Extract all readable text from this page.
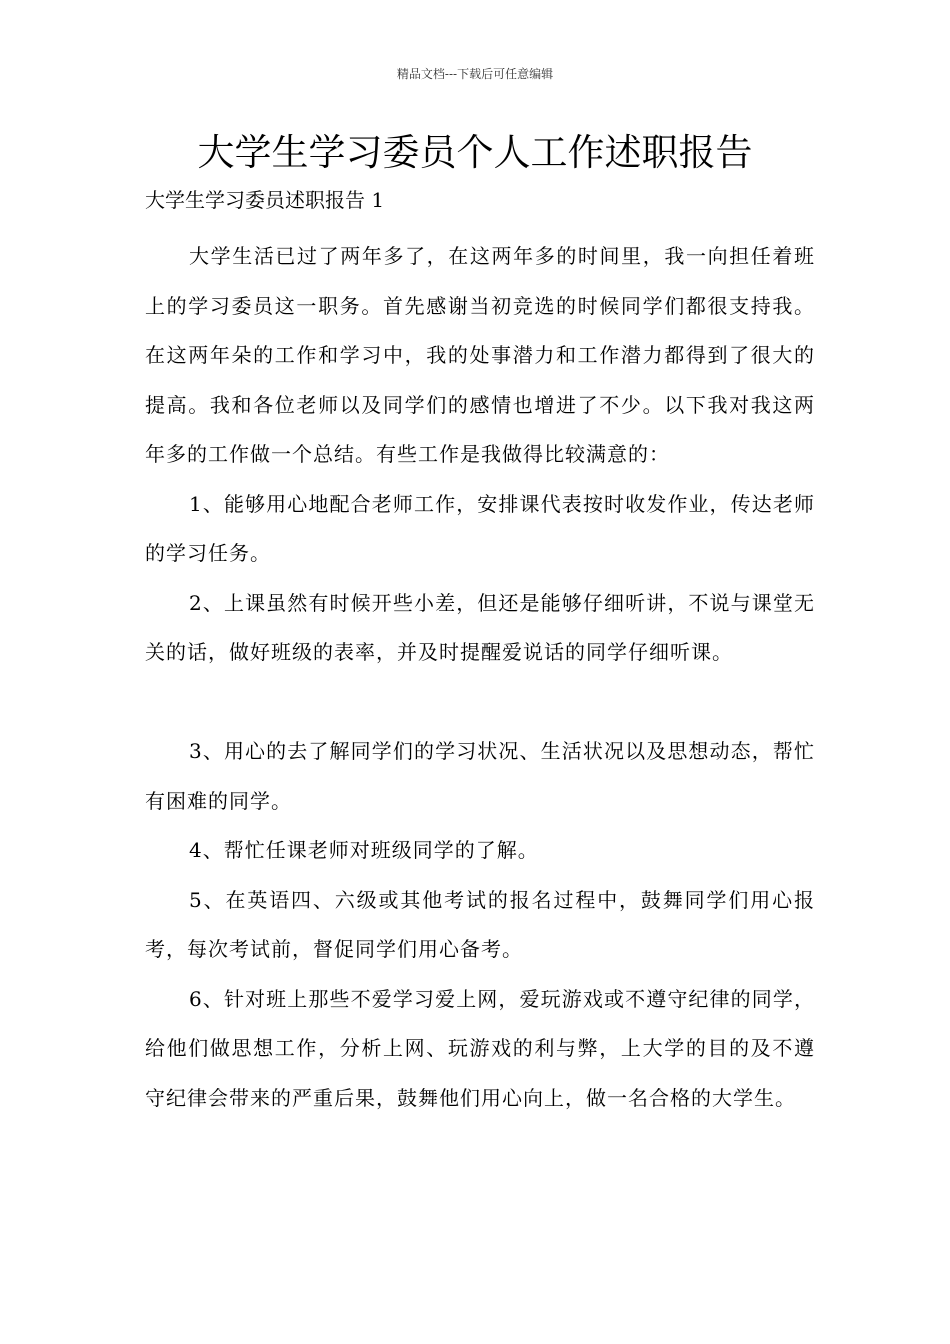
精品文档---下载后可任意编辑
大学生学习委员个人工作述职报告
大学生学习委员述职报告 1

大学生活已过了两年多了，在这两年多的时间里，我一向担任着班上的学习委员这一职务。首先感谢当初竞选的时候同学们都很支持我。在这两年朵的工作和学习中，我的处事潜力和工作潜力都得到了很大的提高。我和各位老师以及同学们的感情也增进了不少。以下我对我这两年多的工作做一个总结。有些工作是我做得比较满意的：

1、能够用心地配合老师工作，安排课代表按时收发作业，传达老师的学习任务。

2、上课虽然有时候开些小差，但还是能够仔细听讲，不说与课堂无关的话，做好班级的表率，并及时提醒爱说话的同学仔细听课。

3、用心的去了解同学们的学习状况、生活状况以及思想动态，帮忙有困难的同学。

4、帮忙任课老师对班级同学的了解。

5、在英语四、六级或其他考试的报名过程中，鼓舞同学们用心报考，每次考试前，督促同学们用心备考。

6、针对班上那些不爱学习爱上网，爱玩游戏或不遵守纪律的同学，给他们做思想工作，分析上网、玩游戏的利与弊，上大学的目的及不遵守纪律会带来的严重后果，鼓舞他们用心向上，做一名合格的大学生。
